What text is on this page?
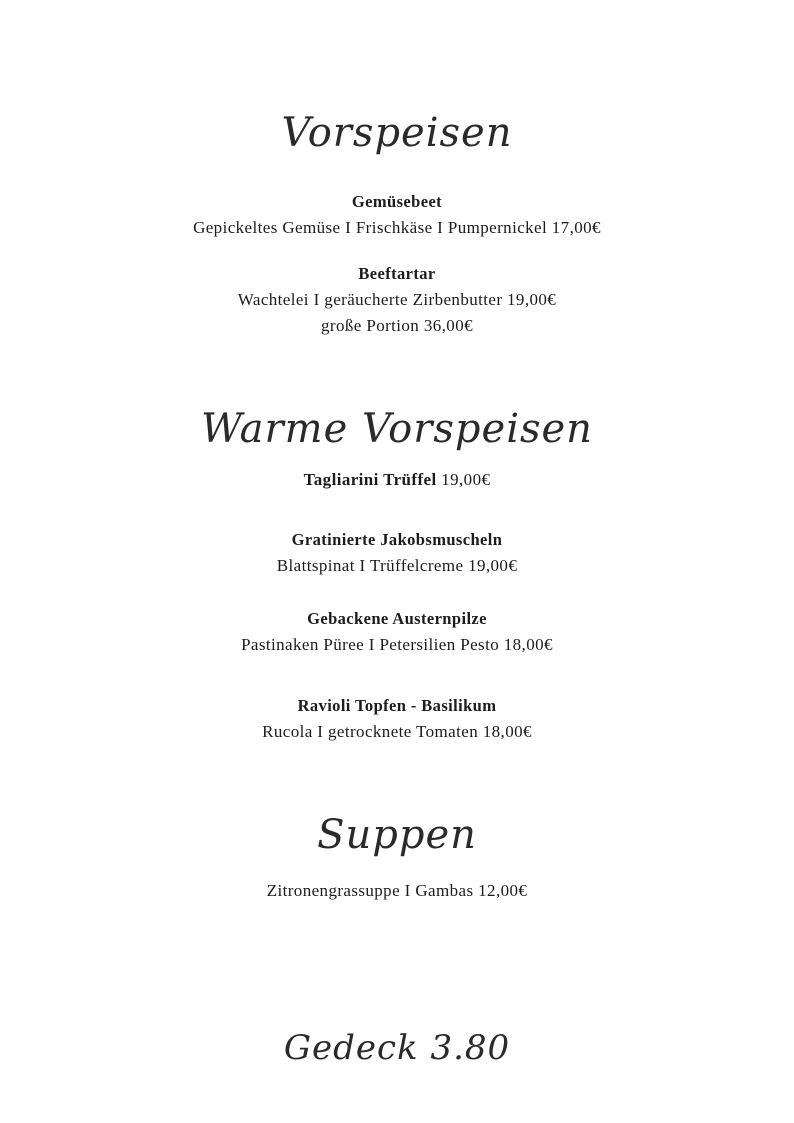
Vorspeisen
Gemüsebeet
Gepickeltes Gemüse I Frischkäse I Pumpernickel 17,00€
Beeftartar
Wachtelei I geräucherte Zirbenbutter 19,00€
große Portion 36,00€
Warme Vorspeisen
Tagliarini Trüffel 19,00€
Gratinierte Jakobsmuscheln
Blattspinat I Trüffelcreme 19,00€
Gebackene Austernpilze
Pastinaken Püree I Petersilien Pesto 18,00€
Ravioli Topfen - Basilikum
Rucola I getrocknete Tomaten 18,00€
Suppen
Zitronengrassuppe I Gambas 12,00€
Gedeck 3.80
